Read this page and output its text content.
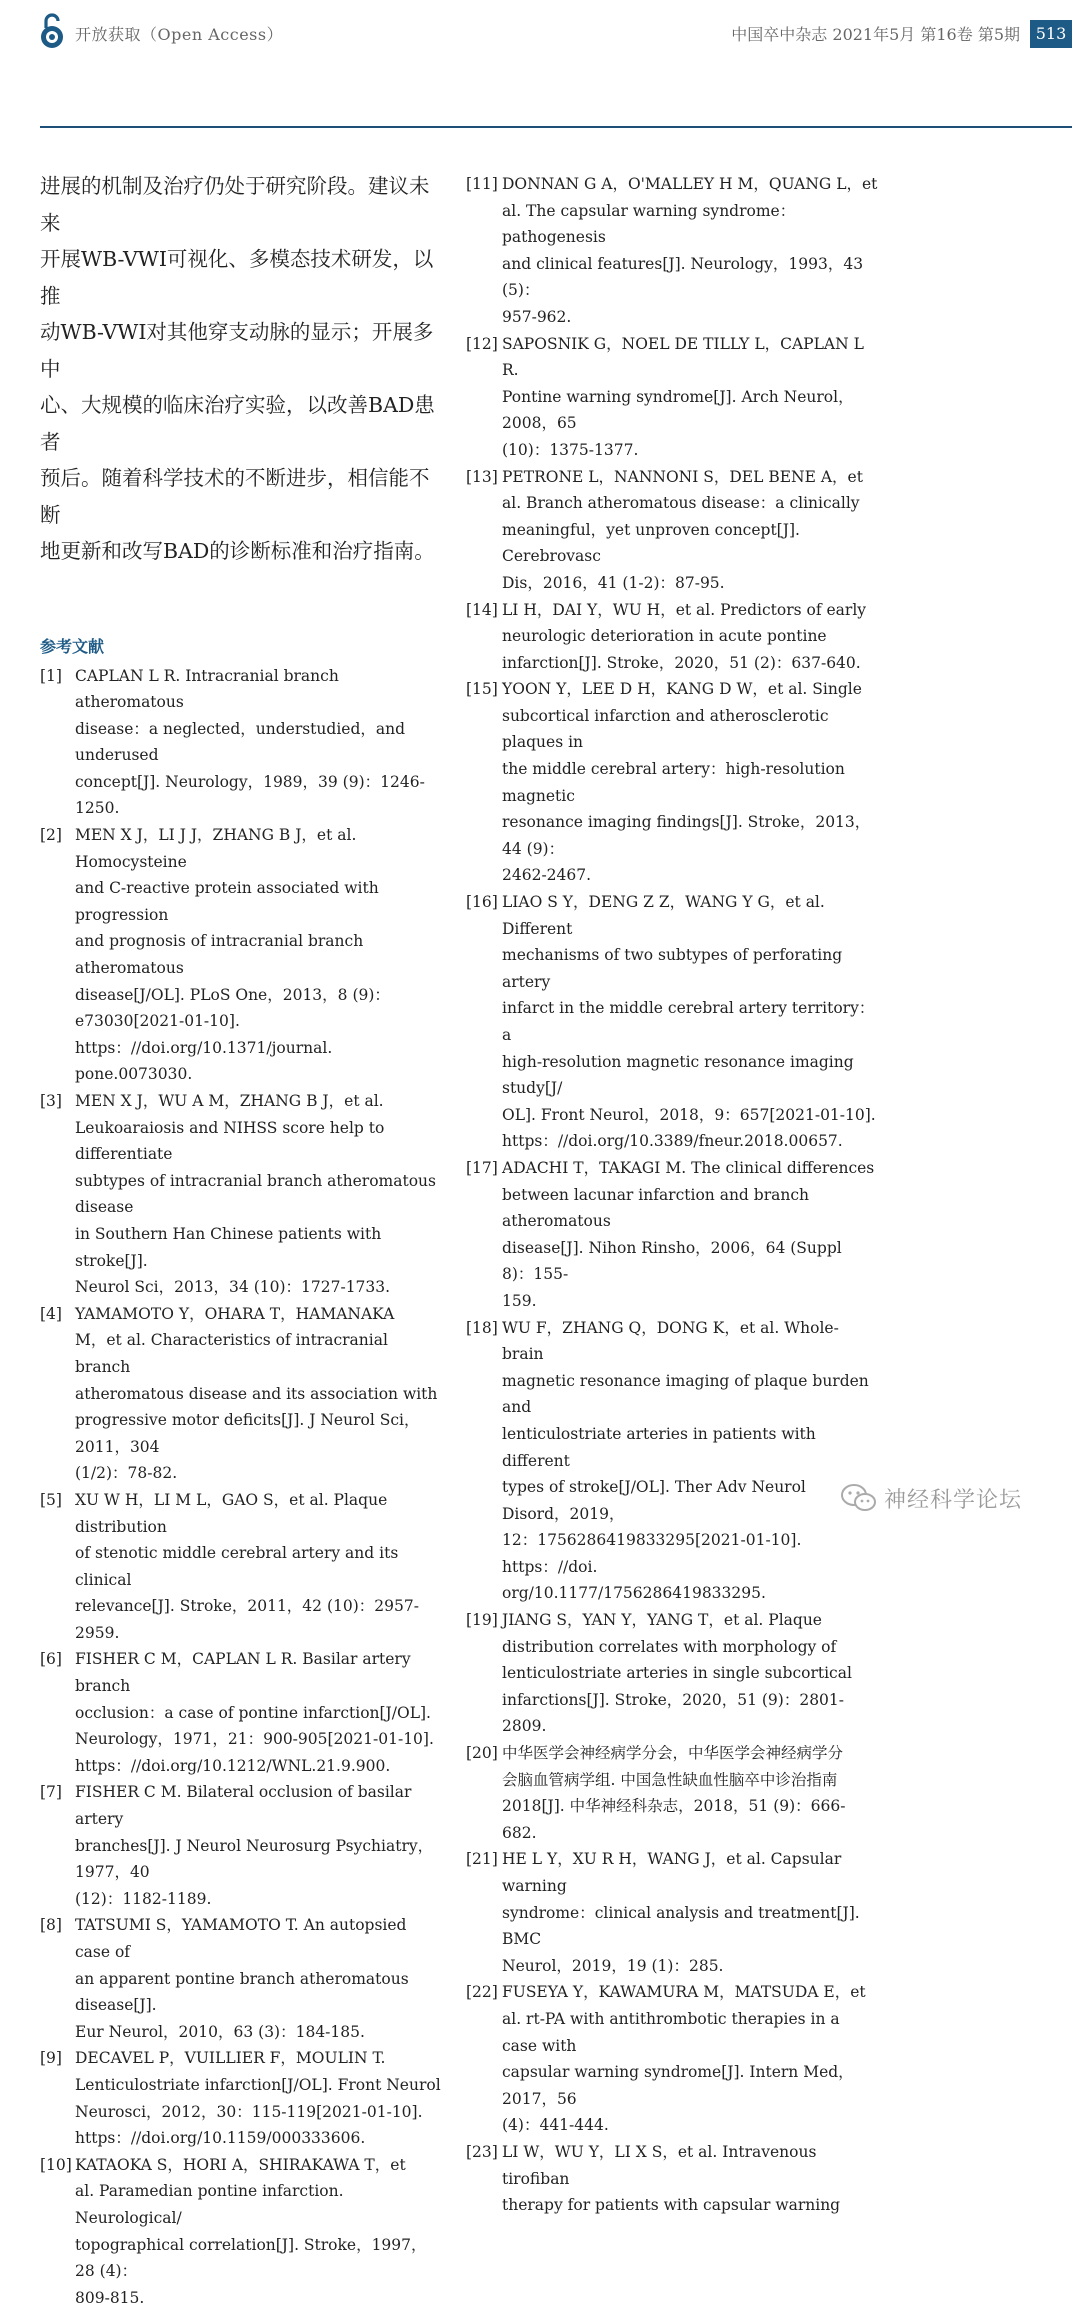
开放获取（Open Access）	中国卒中杂志 2021年5月 第16卷 第5期 513

进展的机制及治疗仍处于研究阶段。建议未来

开展WB-VWI可视化、多模态技术研发，以推

动WB-VWI对其他穿支动脉的显示；开展多中

心、大规模的临床治疗实验，以改善BAD患者

预后。随着科学技术的不断进步，相信能不断

地更新和改写BAD的诊断标准和治疗指南。

参考文献
[1] CAPLAN L R. Intracranial branch atheromatous
disease：a neglected，understudied，and underused
concept[J]. Neurology，1989，39 (9)：1246-1250.
[2] MEN X J，LI J J，ZHANG B J，et al. Homocysteine
and C-reactive protein associated with progression
and prognosis of intracranial branch atheromatous
disease[J/OL]. PLoS One，2013，8 (9)：
e73030[2021-01-10]. https：//doi.org/10.1371/journal.
pone.0073030.
[3] MEN X J，WU A M，ZHANG B J，et al.
Leukoaraiosis and NIHSS score help to differentiate
subtypes of intracranial branch atheromatous disease
in Southern Han Chinese patients with stroke[J].
Neurol Sci，2013，34 (10)：1727-1733.
[4] YAMAMOTO Y，OHARA T，HAMANAKA
M，et al. Characteristics of intracranial branch
atheromatous disease and its association with
progressive motor deficits[J]. J Neurol Sci，2011，304
(1/2)：78-82.
[5] XU W H，LI M L，GAO S，et al. Plaque distribution
of stenotic middle cerebral artery and its clinical
relevance[J]. Stroke，2011，42 (10)：2957-2959.
[6] FISHER C M，CAPLAN L R. Basilar artery branch
occlusion：a case of pontine infarction[J/OL].
Neurology，1971，21：900-905[2021-01-10].
https：//doi.org/10.1212/WNL.21.9.900.
[7] FISHER C M. Bilateral occlusion of basilar artery
branches[J]. J Neurol Neurosurg Psychiatry，1977，40
(12)：1182-1189.
[8] TATSUMI S，YAMAMOTO T. An autopsied case of
an apparent pontine branch atheromatous disease[J].
Eur Neurol，2010，63 (3)：184-185.
[9] DECAVEL P，VUILLIER F，MOULIN T.
Lenticulostriate infarction[J/OL]. Front Neurol
Neurosci，2012，30：115-119[2021-01-10].
https：//doi.org/10.1159/000333606.
[10] KATAOKA S，HORI A，SHIRAKAWA T，et
al. Paramedian pontine infarction. Neurological/
topographical correlation[J]. Stroke，1997，28 (4)：
809-815.
[11] DONNAN G A，O'MALLEY H M，QUANG L，et
al. The capsular warning syndrome：pathogenesis
and clinical features[J]. Neurology，1993，43 (5)：
957-962.
[12] SAPOSNIK G，NOEL DE TILLY L，CAPLAN L R.
Pontine warning syndrome[J]. Arch Neurol，2008，65
(10)：1375-1377.
[13] PETRONE L，NANNONI S，DEL BENE A，et
al. Branch atheromatous disease：a clinically
meaningful，yet unproven concept[J]. Cerebrovasc
Dis，2016，41 (1-2)：87-95.
[14] LI H，DAI Y，WU H，et al. Predictors of early
neurologic deterioration in acute pontine
infarction[J]. Stroke，2020，51 (2)：637-640.
[15] YOON Y，LEE D H，KANG D W，et al. Single
subcortical infarction and atherosclerotic plaques in
the middle cerebral artery：high-resolution magnetic
resonance imaging findings[J]. Stroke，2013，44 (9)：
2462-2467.
[16] LIAO S Y，DENG Z Z，WANG Y G，et al. Different
mechanisms of two subtypes of perforating artery
infarct in the middle cerebral artery territory：a
high-resolution magnetic resonance imaging study[J/
OL]. Front Neurol，2018，9：657[2021-01-10].
https：//doi.org/10.3389/fneur.2018.00657.
[17] ADACHI T，TAKAGI M. The clinical differences
between lacunar infarction and branch atheromatous
disease[J]. Nihon Rinsho，2006，64 (Suppl 8)：155-
159.
[18] WU F，ZHANG Q，DONG K，et al. Whole-brain
magnetic resonance imaging of plaque burden and
lenticulostriate arteries in patients with different
types of stroke[J/OL]. Ther Adv Neurol Disord，2019，
12：1756286419833295[2021-01-10]. https：//doi.
org/10.1177/1756286419833295.
[19] JIANG S，YAN Y，YANG T，et al. Plaque
distribution correlates with morphology of
lenticulostriate arteries in single subcortical
infarctions[J]. Stroke，2020，51 (9)：2801-2809.
[20] 中华医学会神经病学分会，中华医学会神经病学分
会脑血管病学组. 中国急性缺血性脑卒中诊治指南
2018[J]. 中华神经科杂志，2018，51 (9)：666-682.
[21] HE L Y，XU R H，WANG J，et al. Capsular warning
syndrome：clinical analysis and treatment[J]. BMC
Neurol，2019，19 (1)：285.
[22] FUSEYA Y，KAWAMURA M，MATSUDA E，et
al. rt-PA with antithrombotic therapies in a case with
capsular warning syndrome[J]. Intern Med，2017，56
(4)：441-444.
[23] LI W，WU Y，LI X S，et al. Intravenous tirofiban
therapy for patients with capsular warning
神经科学论坛
